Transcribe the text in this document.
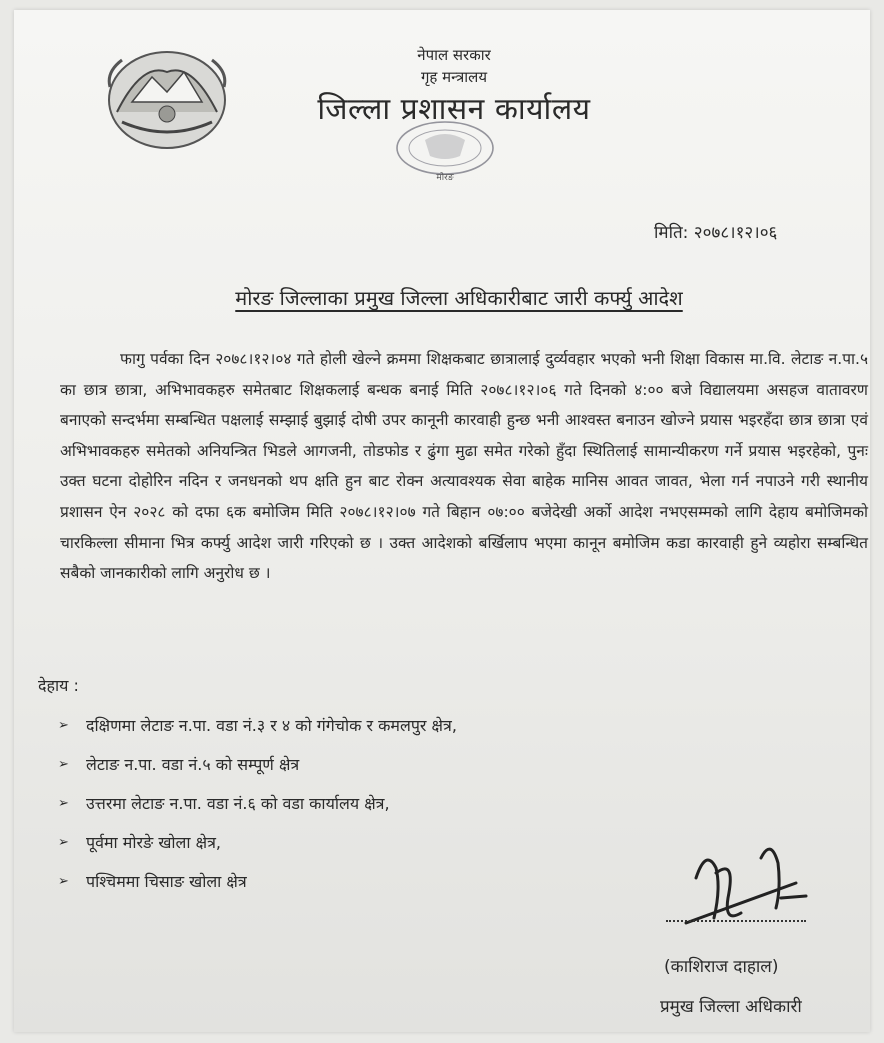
नेपाल सरकार

गृह मन्त्रालय

जिल्ला प्रशासन कार्यालय

मोरङ
मिति: २०७८।१२।०६
मोरङ जिल्लाका प्रमुख जिल्ला अधिकारीबाट जारी कर्फ्यु आदेश
फागु पर्वका दिन २०७८।१२।०४ गते होली खेल्ने क्रममा शिक्षकबाट छात्रालाई दुर्व्यवहार भएको भनी शिक्षा विकास मा.वि. लेटाङ न.पा.५ का छात्र छात्रा, अभिभावकहरु समेतबाट शिक्षकलाई बन्धक बनाई मिति २०७८।१२।०६ गते दिनको ४:०० बजे विद्यालयमा असहज वातावरण बनाएको सन्दर्भमा सम्बन्धित पक्षलाई सम्झाई बुझाई दोषी उपर कानूनी कारवाही हुन्छ भनी आश्वस्त बनाउन खोज्ने प्रयास भइरहँदा छात्र छात्रा एवं अभिभावकहरु समेतको अनियन्त्रित भिडले आगजनी, तोडफोड र ढुंगा मुढा समेत गरेको हुँदा स्थितिलाई सामान्यीकरण गर्ने प्रयास भइरहेको, पुनः उक्त घटना दोहोरिन नदिन र जनधनको थप क्षति हुन बाट रोक्न अत्यावश्यक सेवा बाहेक मानिस आवत जावत, भेला गर्न नपाउने गरी स्थानीय प्रशासन ऐन २०२८ को दफा ६क बमोजिम मिति २०७८।१२।०७ गते बिहान ०७:०० बजेदेखी अर्को आदेश नभएसम्मको लागि देहाय बमोजिमको चारकिल्ला सीमाना भित्र कर्फ्यु आदेश जारी गरिएको छ । उक्त आदेशको बर्खिलाप भएमा कानून बमोजिम कडा कारवाही हुने व्यहोरा सम्बन्धित सबैको जानकारीको लागि अनुरोध छ ।
देहाय :
➢	दक्षिणमा लेटाङ न.पा. वडा नं.३ र ४ को गंगेचोक र कमलपुर क्षेत्र,
➢	लेटाङ न.पा. वडा नं.५ को सम्पूर्ण क्षेत्र
➢	उत्तरमा लेटाङ न.पा. वडा नं.६ को वडा कार्यालय क्षेत्र,
➢	पूर्वमा मोरङे खोला क्षेत्र,
➢	पश्चिममा चिसाङ खोला क्षेत्र
(काशिराज दाहाल)
प्रमुख जिल्ला अधिकारी
